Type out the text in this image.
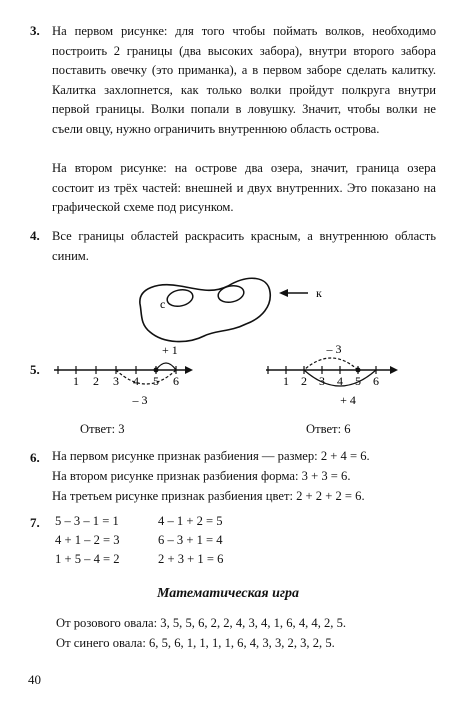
3. На первом рисунке: для того чтобы поймать волков, необходимо построить 2 границы (два высоких забора), внутри второго забора поставить овечку (это приманка), а в первом заборе сделать калитку. Калитка захлопнется, как только волки пройдут полкруга внутри первой границы. Волки попали в ловушку. Значит, чтобы волки не съели овцу, нужно ограничить внутреннюю область острова.
На втором рисунке: на острове два озера, значит, граница озера состоит из трёх частей: внешней и двух внутренних. Это показано на графической схеме под рисунком.
4. Все границы областей раскрасить красным, а внутреннюю область синим.
с
к
5.
1 2 3 4 5 6
+ 1
– 3
1 2 3 4 5 6
– 3
+ 4
Ответ: 3	Ответ: 6
6. На первом рисунке признак разбиения — размер: 2 + 4 = 6.
На втором рисунке признак разбиения форма: 3 + 3 = 6.
На третьем рисунке признак разбиения цвет: 2 + 2 + 2 = 6.
7. 5 – 3 – 1 = 1
4 + 1 – 2 = 3
1 + 5 – 4 = 2
4 – 1 + 2 = 5
6 – 3 + 1 = 4
2 + 3 + 1 = 6
Математическая игра
От розового овала: 3, 5, 5, 6, 2, 2, 4, 3, 4, 1, 6, 4, 4, 2, 5.
От синего овала: 6, 5, 6, 1, 1, 1, 1, 6, 4, 3, 3, 2, 3, 2, 5.
40
